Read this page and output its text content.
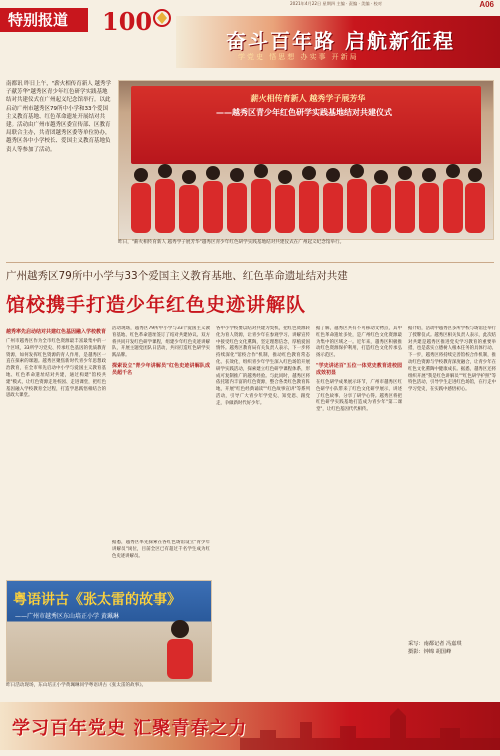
2021年4月22日 星期四 主编 · 责编 · 美编 · 校对	A06
特别报道	100
奋斗百年路 启航新征程
学党史 悟思想 办实事 开新局
南都讯 昨日上午，"薪火相传育新人 越秀学子献芳华"越秀区青少年红色研学实践基地结对共建仪式在广州起义纪念馆举行。以此启动广州市越秀区79所中小学和33个爱国主义教育基地、红色革命遗址开展结对共建。活动由广州市越秀区委宣传部、区教育局联合主办，共青团越秀区委等单位协办，越秀区各中小学校长、爱国主义教育基地负责人等参加了活动。
薪火相传育新人 越秀学子展芳华
——越秀区青少年红色研学实践基地结对共建仪式
昨日，"薪火相传育新人 越秀学子展芳华"越秀区青少年红色研学实践基地结对共建仪式在广州起义纪念馆举行。
广州越秀区79所中小学与33个爱国主义教育基地、红色革命遗址结对共建
馆校携手打造少年红色史迹讲解队
越秀率先启动结对共建红色基因融入学校教育
广州市越秀区作为全市红色资源最丰富最集中的一个区域，33所学习党史、传承红色基因的优质教育资源，如何发挥红色资源的育人作用，是越秀区一直在探索的课题。越秀区聚焦新时代青少年思想政治教育，在全市率先启动中小学与爱国主义教育基地、红色革命遗址结对共建，通过构建"馆校共建"模式，让红色资源走进校园、走进课堂，把红色基因融入学校教育全过程，打造学思践悟相结合的思政大课堂。
活动现场，越秀区79所中小学与33个爱国主义教育基地、红色革命遗址签订了结对共建协议。双方将共同开发红色研学课程，组建少年红色史迹讲解队，开展主题党团队日活动，共同打造红色研学实践品牌。
探索设立"青少年讲解员"红色史迹讲解队成员超千名
据悉，越秀区率先探索在各红色场馆设立"青少年讲解员"岗位，目前全区已有超过千名学生成为红色史迹讲解员。
各中小学校要以结对共建为契机，把红色资源转化为育人资源，让青少年在参观学习、讲解宣传中接受红色文化熏陶，坚定理想信念，厚植爱国情怀。越秀区教育局有关负责人表示，下一步将持续深化"馆校合作"机制，推动红色教育常态化、长效化，组织青少年学生深入红色场馆开展研学实践活动，探索建立红色研学课程体系，形成可复制推广的越秀经验。与此同时，越秀区将依托辖内丰富的红色资源，整合各类红色教育阵地，开展"红色经典诵读""红色故事宣讲"等系列活动，引导广大青少年学党史、知党恩、跟党走，争做新时代好少年。
据了解，越秀区共有不可移动文物点，其中红色革命遗址多处，是广州红色文化资源最为集中的区域之一。近年来，越秀区积极推动红色资源保护利用，打造红色文化传承弘扬示范区。
"学史讲述百"五位一体党史教育进校园成效初显
在红色研学成果展示环节，广州市越秀区红色研学小队带来了红色文化研学展示，讲述了红色故事、分享了研学心得。越秀区将把红色研学实践基地打造成为青少年"第二课堂"，让红色基因代代相传。
据介绍，活动中越秀区多所学校与场馆还举行了授牌仪式。越秀区相关负责人表示，此次结对共建是越秀区推进党史学习教育的重要举措，也是落实立德树人根本任务的具体行动。下一步，越秀区将持续完善馆校合作机制，推动红色资源与学校教育深度融合，让青少年在红色文化熏陶中健康成长。据悉，越秀区还将组织开展"我是红色讲解员""红色研学护照"等特色活动，引导学生走进红色场馆，在行走中学习党史，在实践中感悟初心。
采写：南都记者 冯嘉琪
摄影：钟锦 胡国峰
粤语讲古《张太雷的故事》
——广州市越秀区东山培正小学 黄珮琳
昨日活动现场，东山培正小学黄珮琳同学粤语讲古《张太雷的故事》。
学习百年党史 汇聚青春之力
